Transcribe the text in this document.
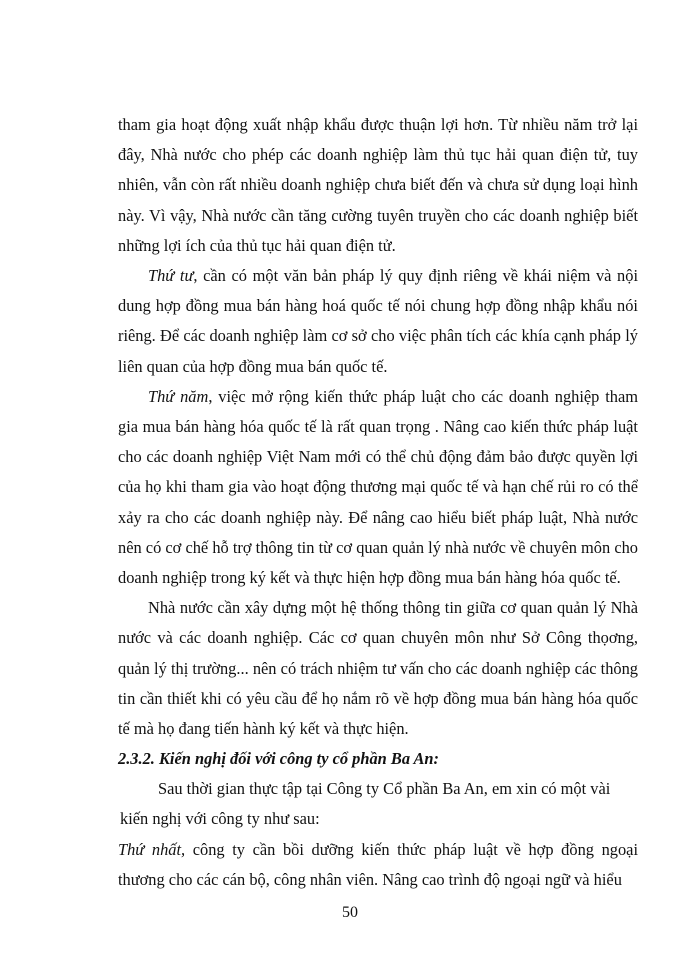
tham gia hoạt động xuất nhập khẩu được thuận lợi hơn. Từ nhiều năm trở lại đây, Nhà nước cho phép các doanh nghiệp làm thủ tục hải quan điện tử, tuy nhiên, vẫn còn rất nhiều doanh nghiệp chưa biết đến và chưa sử dụng loại hình này. Vì vậy, Nhà nước cần tăng cường tuyên truyền cho các doanh nghiệp biết những lợi ích của thủ tục hải quan điện tử.

Thứ tư, cần có một văn bản pháp lý quy định riêng về khái niệm và nội dung hợp đồng mua bán hàng hoá quốc tế nói chung hợp đồng nhập khẩu nói riêng. Để các doanh nghiệp làm cơ sở cho việc phân tích các khía cạnh pháp lý liên quan của hợp đồng mua bán quốc tế.

Thứ năm, việc mở rộng kiến thức pháp luật cho các doanh nghiệp tham gia mua bán hàng hóa quốc tế là rất quan trọng . Nâng cao kiến thức pháp luật cho các doanh nghiệp Việt Nam mới có thể chủ động đảm bảo được quyền lợi của họ khi tham gia vào hoạt động thương mại quốc tế và hạn chế rủi ro có thể xảy ra cho các doanh nghiệp này. Để nâng cao hiểu biết pháp luật, Nhà nước nên có cơ chế hỗ trợ thông tin từ cơ quan quản lý nhà nước về chuyên môn cho doanh nghiệp trong ký kết và thực hiện hợp đồng mua bán hàng hóa quốc tế.

Nhà nước cần xây dựng một hệ thống thông tin giữa cơ quan quản lý Nhà nước và các doanh nghiệp. Các cơ quan chuyên môn như Sở Công thọơng, quản lý thị trường... nên có trách nhiệm tư vấn cho các doanh nghiệp các thông tin cần thiết khi có yêu cầu để họ nắm rõ về hợp đồng mua bán hàng hóa quốc tế mà họ đang tiến hành ký kết và thực hiện.

2.3.2. Kiến nghị đối với công ty cổ phần Ba An:

Sau thời gian thực tập tại Công ty Cổ phần Ba An, em xin có một vài
kiến nghị với công ty như sau:

Thứ nhất, công ty cần bồi dưỡng kiến thức pháp luật về hợp đồng ngoại thương cho các cán bộ, công nhân viên. Nâng cao trình độ ngoại ngữ và hiểu

50
